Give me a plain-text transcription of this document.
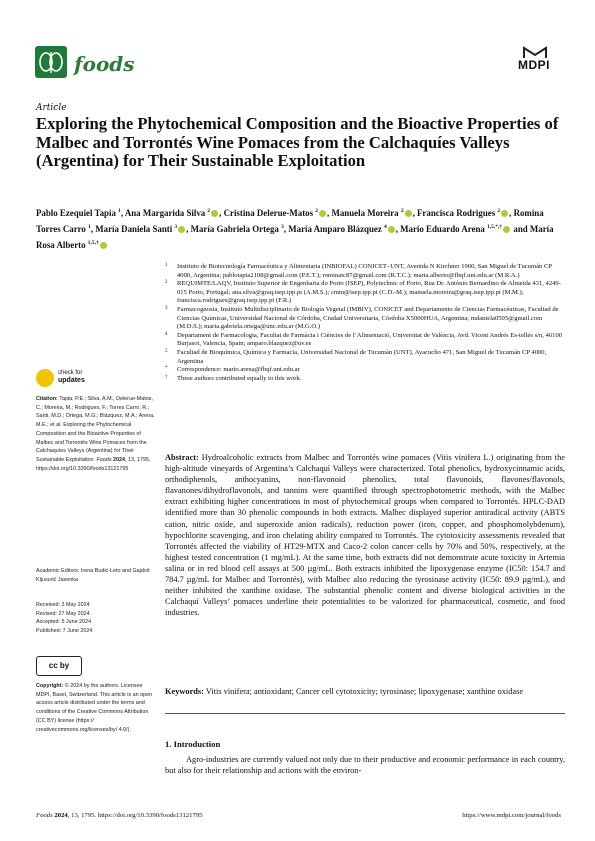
foods	MDPI
Article
Exploring the Phytochemical Composition and the Bioactive Properties of Malbec and Torrontés Wine Pomaces from the Calchaquíes Valleys (Argentina) for Their Sustainable Exploitation
Pablo Ezequiel Tapia $^1$, Ana Margarida Silva $^2$ , Cristina Delerue-Matos $^2$ , Manuela Moreira $^2$ , Francisca Rodrigues $^2$ , Romina Torres Carro $^1$, María Daniela Santi $^3$ , María Gabriela Ortega $^3$, María Amparo Blázquez $^4$ , Mario Eduardo Arena $^{1,5,*,\dagger}$ and María Rosa Alberto $^{1,5,\dagger}$
1 Instituto de Biotecnología Farmacéutica y Alimentaria (INBIOFAL) CONICET–UNT, Avenida N Kirchner 1900, San Miguel de Tucumán CP 4000, Argentina; pablotapia2108@gmail.com (P.E.T.); rominatc87@gmail.com (R.T.C.); maria.alberto@fbqf.unt.edu.ar (M.R.A.)

2 REQUIMTE/LAQV, Instituto Superior de Engenharia do Porto (ISEP), Polytechnic of Porto, Rua Dr. António Bernardino de Almeida 431, 4249-015 Porto, Portugal; ana.silva@graq.isep.ipp.pt (A.M.S.); cmm@isep.ipp.pt (C.D.-M.); manuela.moreira@graq.isep.ipp.pt (M.M.); francisca.rodrigues@graq.isep.ipp.pt (F.R.)

3 Farmacognosia, Instituto Multidisciplinario de Biología Vegetal (IMBIV), CONICET and Departamento de Ciencias Farmacéuticas, Facultad de Ciencias Químicas, Universidad Nacional de Córdoba, Ciudad Universitaria, Córdoba X5000HUA, Argentina; mdaniela0505@gmail.com (M.D.S.); maria.gabriela.ortega@unc.edu.ar (M.G.O.)

4 Departament de Farmacologia, Facultat de Farmàcia i Ciències de l’Alimentació, Universitat de València, Avd. Vicent Andrés Es-tellés s/n, 46100 Burjasot, Valencia, Spain; amparo.blazquez@uv.es

5 Facultad de Bioquímica, Química y Farmacia, Universidad Nacional de Tucumán (UNT), Ayacucho 471, San Miguel de Tucumán CP 4000, Argentina

* Correspondence: mario.arena@fbqf.unt.edu.ar

† These authors contributed equally to this work.

check for
updates

Citation: Tapia, P.E.; Silva, A.M.; Delerue-Matos, C.; Moreira, M.; Rodrigues, F.; Torres Carro, R.; Santi, M.D.; Ortega, M.G.; Blázquez, M.A.; Arena, M.E.; et al. Exploring the Phytochemical Composition and the Bioactive Properties of Malbec and Torrontés Wine Pomaces from the Calchaquíes Valleys (Argentina) for Their Sustainable Exploitation. Foods 2024, 13, 1795. https://doi.org/10.3390/foods13121795

Academic Editors: Irena Budić-Leto and Gajdoš Kljusurić Jasenka

Received: 3 May 2024

Revised: 27 May 2024

Accepted: 5 June 2024

Published: 7 June 2024

cc by

Copyright: © 2024 by the authors. Licensee MDPI, Basel, Switzerland. This article is an open access article distributed under the terms and conditions of the Creative Commons Attribution (CC BY) license (https:// creativecommons.org/licenses/by/ 4.0/).

Abstract: Hydroalcoholic extracts from Malbec and Torrontés wine pomaces (Vitis vinifera L.) originating from the high-altitude vineyards of Argentina’s Calchaquí Valleys were characterized. Total phenolics, hydroxycinnamic acids, orthodiphenols, anthocyanins, non-flavonoid phenolics, total flavonoids, flavones/flavonols, flavanones/dihydroflavonols, and tannins were quantified through spectrophotometric methods, with the Malbec extract exhibiting higher concentrations in most of phytochemical groups when compared to Torrontés. HPLC-DAD identified more than 30 phenolic compounds in both extracts. Malbec displayed superior antiradical activity (ABTS cation, nitric oxide, and superoxide anion radicals), reduction power (iron, copper, and phosphomolybdenum), hypochlorite scavenging, and iron chelating ability compared to Torrontés. The cytotoxicity assessments revealed that Torrontés affected the viability of HT29-MTX and Caco-2 colon cancer cells by 70% and 50%, respectively, at the highest tested concentration (1 mg/mL). At the same time, both extracts did not demonstrate acute toxicity in Artemia salina or in red blood cell assays at 500 µg/mL. Both extracts inhibited the lipoxygenase enzyme (IC50: 154.7 and 784.7 µg/mL for Malbec and Torrontés), with Malbec also reducing the tyrosinase activity (IC50: 89.9 µg/mL), and neither inhibited the xanthine oxidase. The substantial phenolic content and diverse biological activities in the Calchaquí Valleys’ pomaces underline their potentialities to be valorized for pharmaceutical, cosmetic, and food industries.
Keywords: Vitis vinifera; antioxidant; Cancer cell cytotoxicity; tyrosinase; lipoxygenase; xanthine oxidase
1. Introduction
Agro-industries are currently valued not only due to their productive and economic performance in each country, but also for their relationship and actions with the environ-
Foods 2024, 13, 1795. https://doi.org/10.3390/foods13121795	https://www.mdpi.com/journal/foods
